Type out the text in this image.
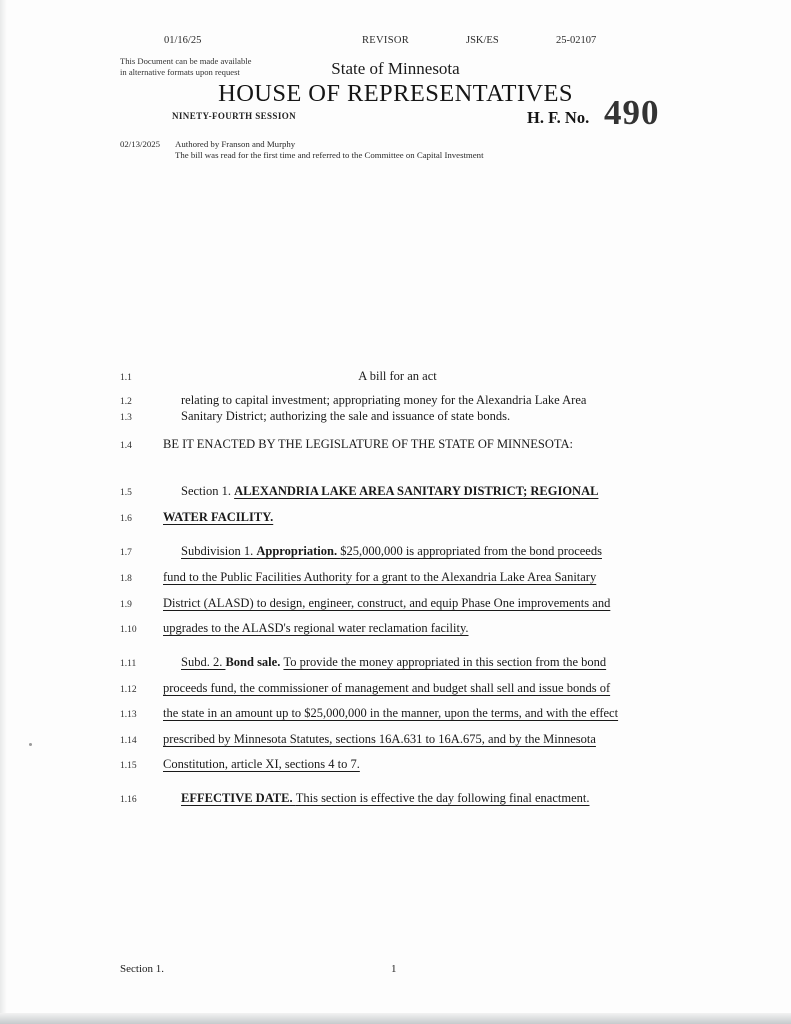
01/16/25	REVISOR	JSK/ES	25-02107
This Document can be made available
in alternative formats upon request	State of Minnesota
HOUSE OF REPRESENTATIVES
NINETY-FOURTH SESSION	H. F. No. 490
02/13/2025 Authored by Franson and Murphy
The bill was read for the first time and referred to the Committee on Capital Investment
1.1	A bill for an act
1.2	relating to capital investment; appropriating money for the Alexandria Lake Area
1.3	Sanitary District; authorizing the sale and issuance of state bonds.
1.4	BE IT ENACTED BY THE LEGISLATURE OF THE STATE OF MINNESOTA:
1.5	Section 1. ALEXANDRIA LAKE AREA SANITARY DISTRICT; REGIONAL
1.6	WATER FACILITY.
1.7	Subdivision 1. Appropriation. $25,000,000 is appropriated from the bond proceeds
1.8	fund to the Public Facilities Authority for a grant to the Alexandria Lake Area Sanitary
1.9	District (ALASD) to design, engineer, construct, and equip Phase One improvements and
1.10	upgrades to the ALASD's regional water reclamation facility.
1.11	Subd. 2. Bond sale. To provide the money appropriated in this section from the bond
1.12	proceeds fund, the commissioner of management and budget shall sell and issue bonds of
1.13	the state in an amount up to $25,000,000 in the manner, upon the terms, and with the effect
1.14	prescribed by Minnesota Statutes, sections 16A.631 to 16A.675, and by the Minnesota
1.15	Constitution, article XI, sections 4 to 7.
1.16	EFFECTIVE DATE. This section is effective the day following final enactment.
Section 1.	1
